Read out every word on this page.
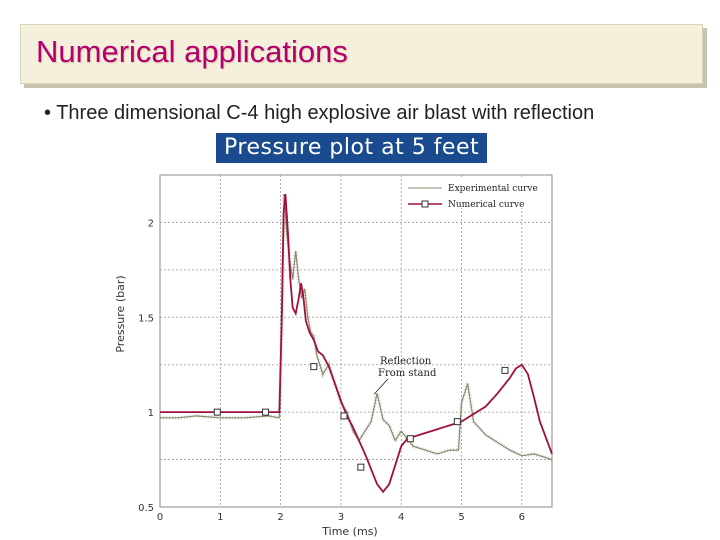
Numerical applications
• Three dimensional C-4 high explosive air blast with reflection
Pressure plot at 5 feet
0	1	2	3	4	5	6
0.5
1
1.5
2
Experimental curve
Numerical curve
Reflection
From stand
Time (ms)
Pressure (bar)
